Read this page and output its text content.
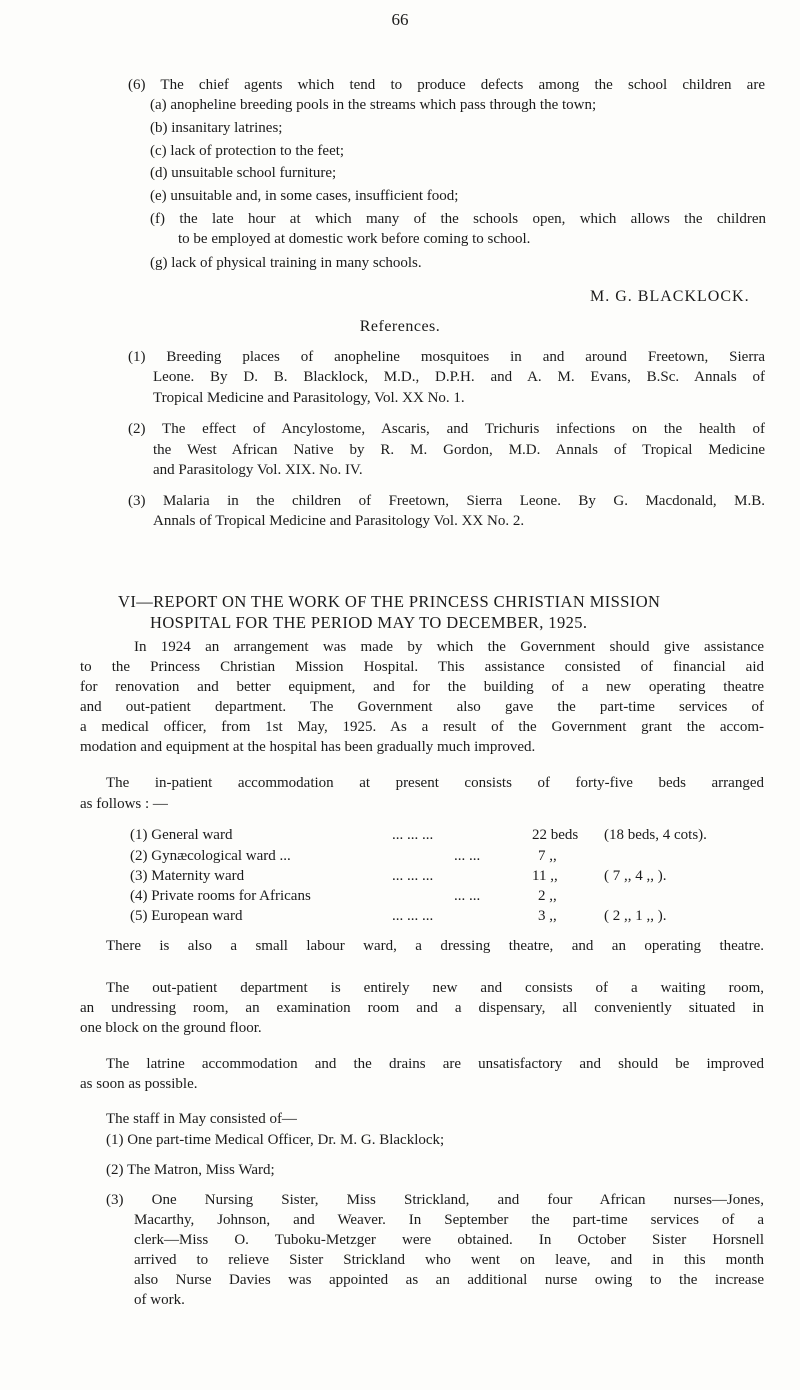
66
(6) The chief agents which tend to produce defects among the school children are
(a) anopheline breeding pools in the streams which pass through the town;
(b) insanitary latrines;
(c) lack of protection to the feet;
(d) unsuitable school furniture;
(e) unsuitable and, in some cases, insufficient food;
(f) the late hour at which many of the schools open, which allows the children
to be employed at domestic work before coming to school.
(g) lack of physical training in many schools.
M. G. BLACKLOCK.
References.
(1) Breeding places of anopheline mosquitoes in and around Freetown, Sierra
Leone. By D. B. Blacklock, M.D., D.P.H. and A. M. Evans, B.Sc. Annals of
Tropical Medicine and Parasitology, Vol. XX No. 1.
(2) The effect of Ancylostome, Ascaris, and Trichuris infections on the health of
the West African Native by R. M. Gordon, M.D. Annals of Tropical Medicine
and Parasitology Vol. XIX. No. IV.
(3) Malaria in the children of Freetown, Sierra Leone. By G. Macdonald, M.B.
Annals of Tropical Medicine and Parasitology Vol. XX No. 2.
VI—REPORT ON THE WORK OF THE PRINCESS CHRISTIAN MISSION
HOSPITAL FOR THE PERIOD MAY TO DECEMBER, 1925.
In 1924 an arrangement was made by which the Government should give assistance
to the Princess Christian Mission Hospital. This assistance consisted of financial aid
for renovation and better equipment, and for the building of a new operating theatre
and out-patient department. The Government also gave the part-time services of
a medical officer, from 1st May, 1925. As a result of the Government grant the accom-
modation and equipment at the hospital has been gradually much improved.
The in-patient accommodation at present consists of forty-five beds arranged
as follows : —
(1) General ward	... ... ...	22 beds (18 beds, 4 cots).
(2) Gynæcological ward ...	... ...	7 ,,
(3) Maternity ward	... ... ...	11 ,,	( 7 ,, 4 ,, ).
(4) Private rooms for Africans	... ...	2 ,,
(5) European ward	... ... ...	3 ,,	( 2 ,, 1 ,, ).
There is also a small labour ward, a dressing theatre, and an operating theatre.
The out-patient department is entirely new and consists of a waiting room,
an undressing room, an examination room and a dispensary, all conveniently situated in
one block on the ground floor.
The latrine accommodation and the drains are unsatisfactory and should be improved
as soon as possible.
The staff in May consisted of—
(1) One part-time Medical Officer, Dr. M. G. Blacklock;
(2) The Matron, Miss Ward;
(3) One Nursing Sister, Miss Strickland, and four African nurses—Jones,
Macarthy, Johnson, and Weaver. In September the part-time services of a
clerk—Miss O. Tuboku-Metzger were obtained. In October Sister Horsnell
arrived to relieve Sister Strickland who went on leave, and in this month
also Nurse Davies was appointed as an additional nurse owing to the increase
of work.
